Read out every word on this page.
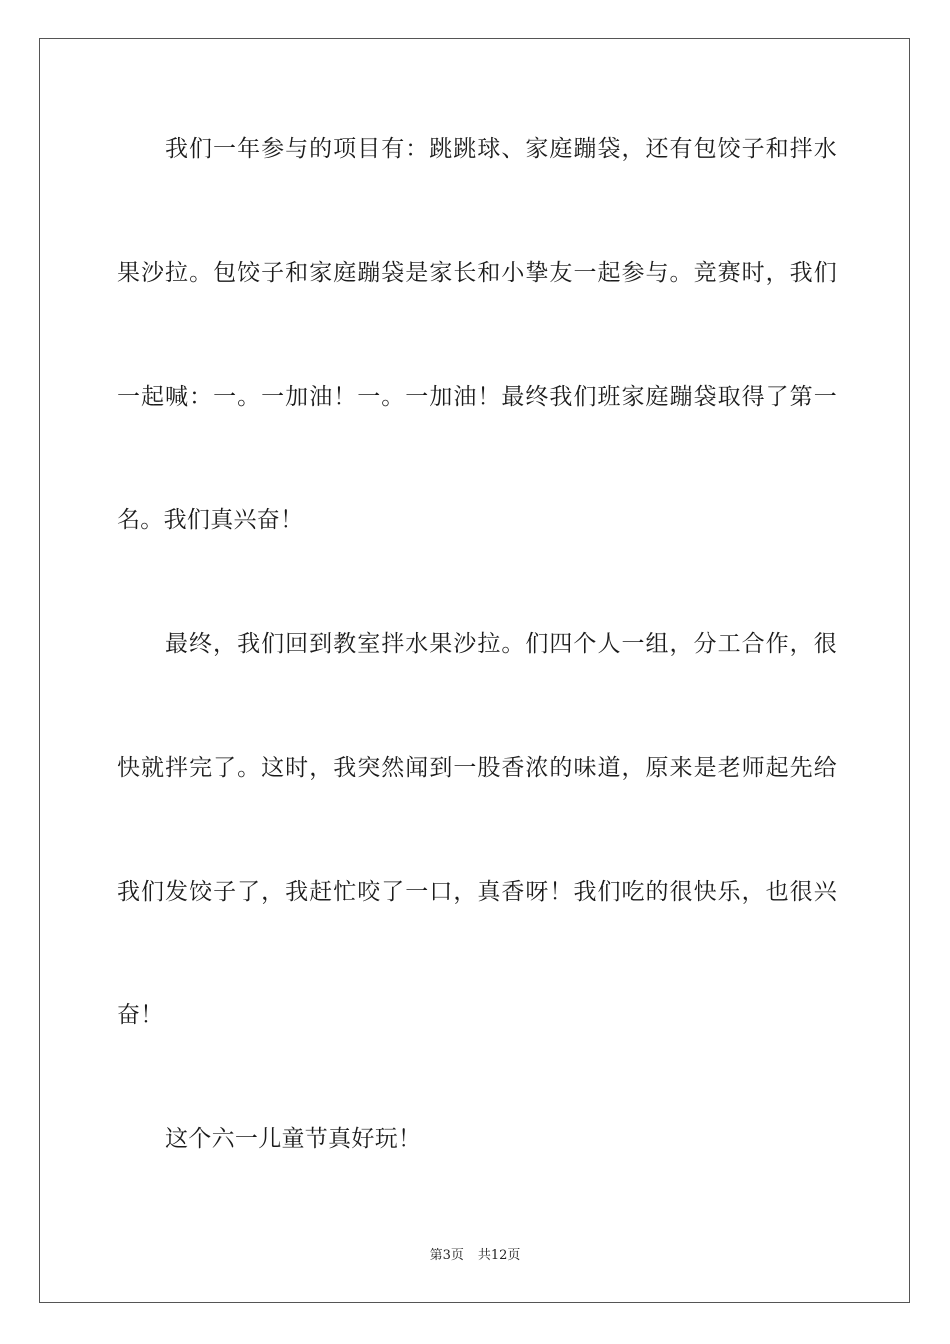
我们一年参与的项目有：跳跳球、家庭蹦袋，还有包饺子和拌水
果沙拉。包饺子和家庭蹦袋是家长和小挚友一起参与。竞赛时，我们
一起喊：一。一加油！一。一加油！最终我们班家庭蹦袋取得了第一
名。我们真兴奋！
最终，我们回到教室拌水果沙拉。们四个人一组，分工合作，很
快就拌完了。这时，我突然闻到一股香浓的味道，原来是老师起先给
我们发饺子了，我赶忙咬了一口，真香呀！我们吃的很快乐，也很兴
奋！
这个六一儿童节真好玩！
第3页 共12页
